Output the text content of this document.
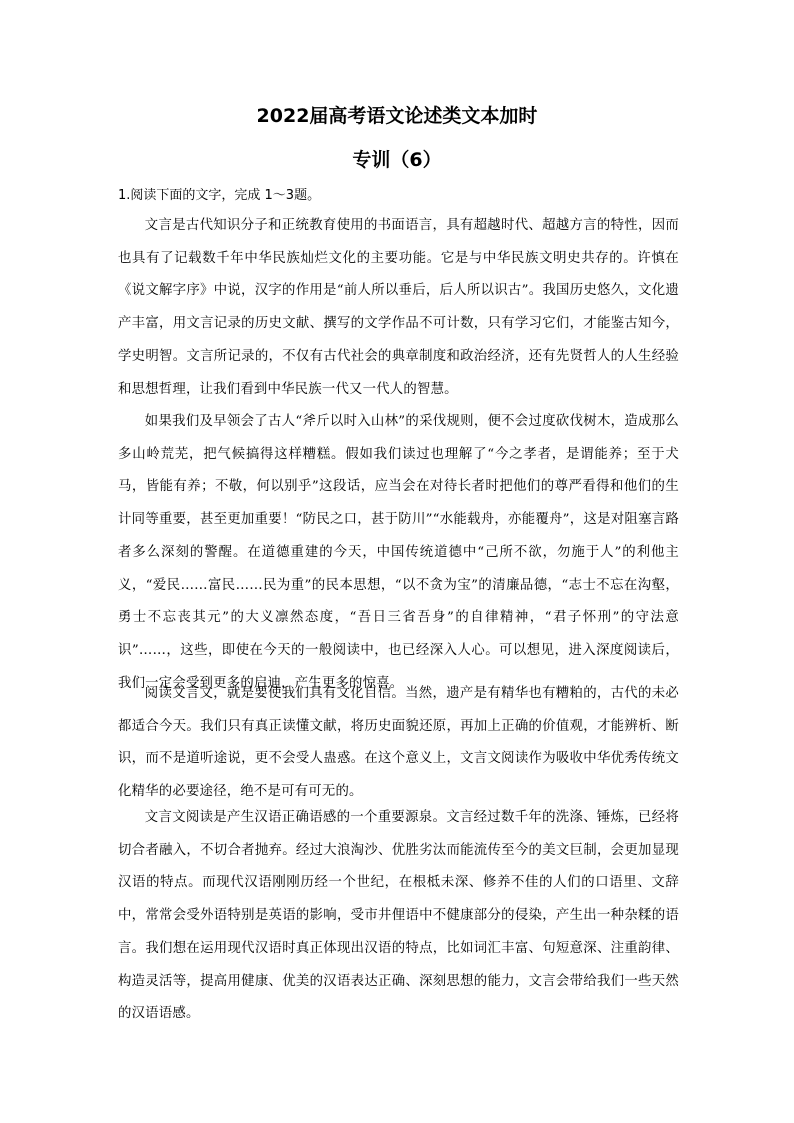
2022届高考语文论述类文本加时
专训（6）
1.阅读下面的文字，完成 1～3题。

文言是古代知识分子和正统教育使用的书面语言，具有超越时代、超越方言的特性，因而也具有了记载数千年中华民族灿烂文化的主要功能。它是与中华民族文明史共存的。许慎在《说文解字序》中说，汉字的作用是“前人所以垂后，后人所以识古”。我国历史悠久，文化遗产丰富，用文言记录的历史文献、撰写的文学作品不可计数，只有学习它们，才能鉴古知今，学史明智。文言所记录的，不仅有古代社会的典章制度和政治经济，还有先贤哲人的人生经验和思想哲理，让我们看到中华民族一代又一代人的智慧。

如果我们及早领会了古人“斧斤以时入山林”的采伐规则，便不会过度砍伐树木，造成那么多山岭荒芜，把气候搞得这样糟糕。假如我们读过也理解了“今之孝者，是谓能养；至于犬马，皆能有养；不敬，何以别乎”这段话，应当会在对待长者时把他们的尊严看得和他们的生计同等重要，甚至更加重要！“防民之口，甚于防川”“水能载舟，亦能覆舟”，这是对阻塞言路者多么深刻的警醒。在道德重建的今天，中国传统道德中“己所不欲，勿施于人”的利他主义，“爱民……富民……民为重”的民本思想，“以不贪为宝”的清廉品德，“志士不忘在沟壑，勇士不忘丧其元”的大义凛然态度，“吾日三省吾身”的自律精神，“君子怀刑”的守法意识”……，这些，即使在今天的一般阅读中，也已经深入人心。可以想见，进入深度阅读后，我们一定会受到更多的启迪，产生更多的惊喜。

阅读文言文，就是要使我们具有文化自信。当然，遗产是有精华也有糟粕的，古代的未必都适合今天。我们只有真正读懂文献，将历史面貌还原，再加上正确的价值观，才能辨析、断识，而不是道听途说，更不会受人蛊惑。在这个意义上，文言文阅读作为吸收中华优秀传统文化精华的必要途径，绝不是可有可无的。

文言文阅读是产生汉语正确语感的一个重要源泉。文言经过数千年的洗涤、锤炼，已经将切合者融入，不切合者抛弃。经过大浪淘沙、优胜劣汰而能流传至今的美文巨制，会更加显现汉语的特点。而现代汉语刚刚历经一个世纪，在根柢未深、修养不佳的人们的口语里、文辞中，常常会受外语特别是英语的影响，受市井俚语中不健康部分的侵染，产生出一种杂糅的语言。我们想在运用现代汉语时真正体现出汉语的特点，比如词汇丰富、句短意深、注重韵律、构造灵活等，提高用健康、优美的汉语表达正确、深刻思想的能力，文言会带给我们一些天然的汉语语感。
